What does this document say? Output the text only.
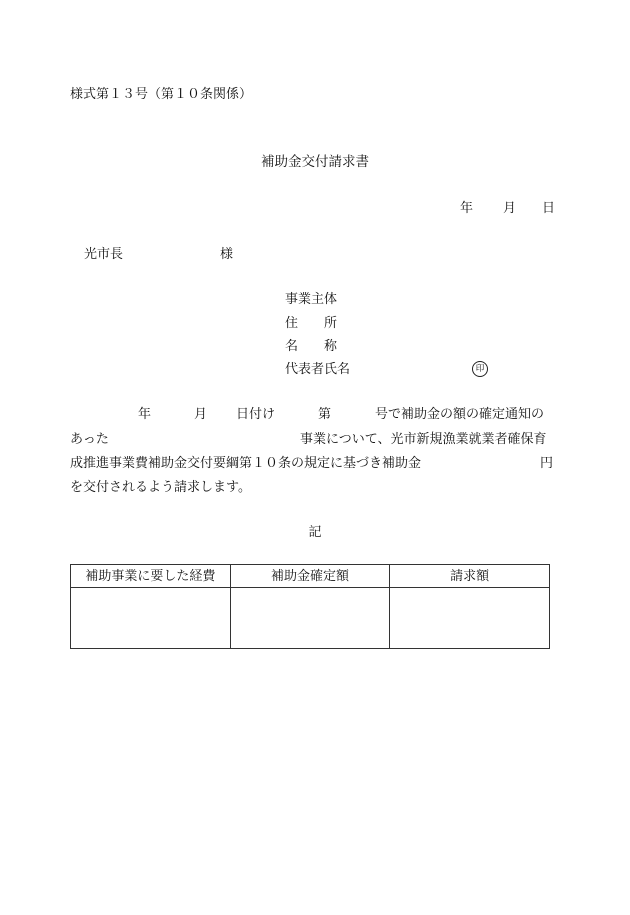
様式第１３号（第１０条関係）
補助金交付請求書
年 月 日
光市長	様
事業主体
住　　所
名　　称
代表者氏名	印
年	月 日付け	第	号で補助金の額の確定通知の
あった	事業について、光市新規漁業就業者確保育
成推進事業費補助金交付要綱第１０条の規定に基づき補助金	円
を交付されるよう請求します。
記
補助事業に要した経費	補助金確定額	請求額
